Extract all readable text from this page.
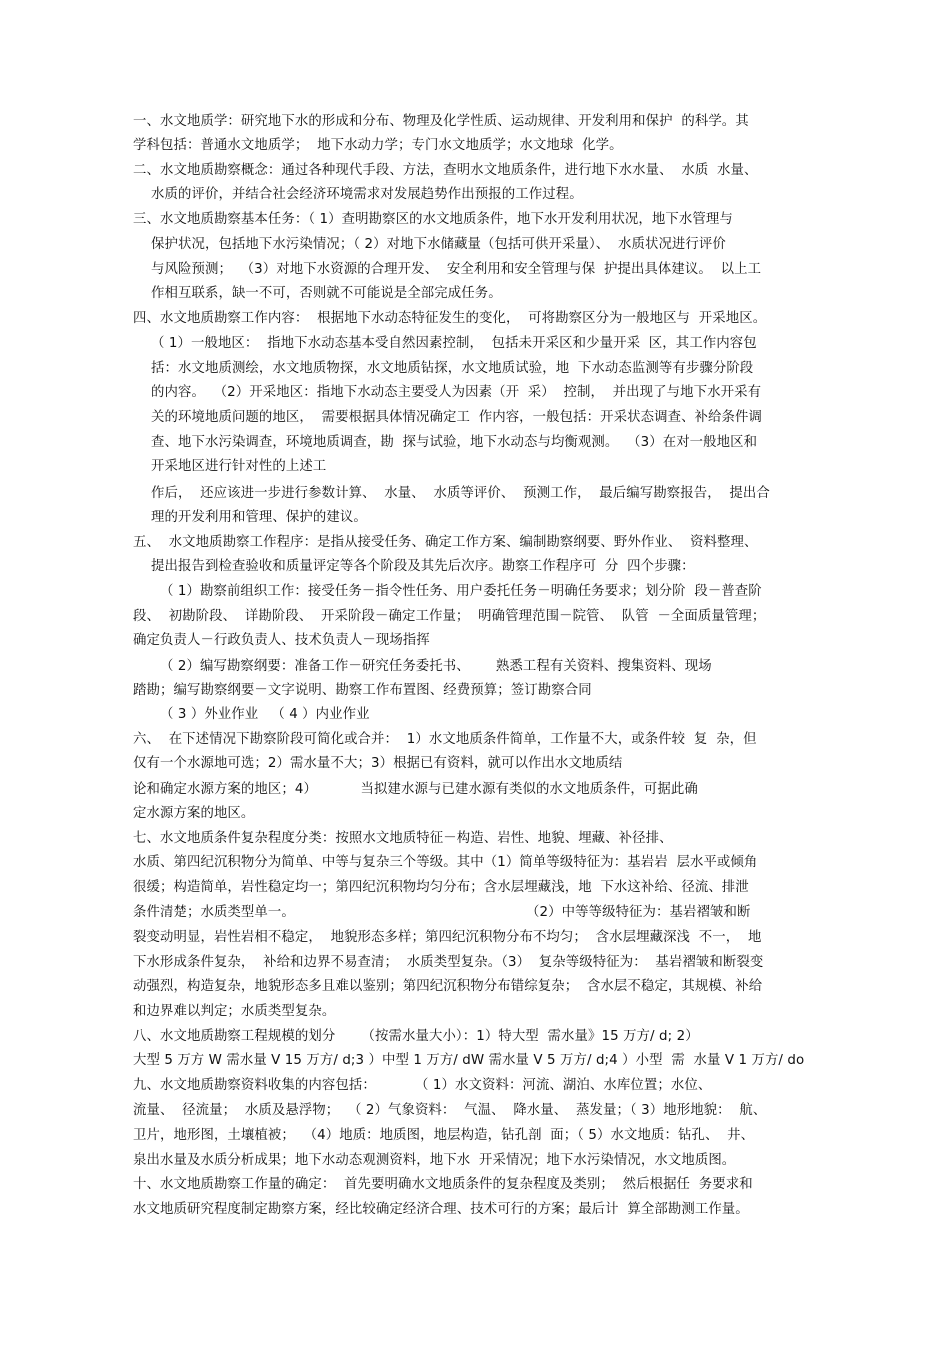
一、水文地质学：研究地下水的形成和分布、物理及化学性质、运动规律、开发利用和保护  的科学。其
学科包括：普通水文地质学；  地下水动力学；专门水文地质学；水文地球  化学。
二、水文地质勘察概念：通过各种现代手段、方法，查明水文地质条件，进行地下水水量、  水质  水量、
水质的评价，并结合社会经济环境需求对发展趋势作出预报的工作过程。
三、水文地质勘察基本任务：（ 1）查明勘察区的水文地质条件，地下水开发利用状况，地下水管理与
保护状况，包括地下水污染情况；（ 2）对地下水储藏量（包括可供开采量）、  水质状况进行评价
与风险预测；  （3）对地下水资源的合理开发、  安全利用和安全管理与保  护提出具体建议。  以上工
作相互联系，缺一不可，否则就不可能说是全部完成任务。
四、水文地质勘察工作内容：  根据地下水动态特征发生的变化，  可将勘察区分为一般地区与  开采地区。
（ 1）一般地区：  指地下水动态基本受自然因素控制，  包括未开采区和少量开采  区，其工作内容包
括：水文地质测绘，水文地质物探，水文地质钻探，水文地质试验，地  下水动态监测等有步骤分阶段
的内容。  （2）开采地区：指地下水动态主要受人为因素（开  采）  控制，  并出现了与地下水开采有
关的环境地质问题的地区，  需要根据具体情况确定工  作内容，一般包括：开采状态调查、补给条件调
查、地下水污染调查，环境地质调查，勘  探与试验，地下水动态与均衡观测。  （3）在对一般地区和
开采地区进行针对性的上述工
作后，  还应该进一步进行参数计算、  水量、  水质等评价、  预测工作，  最后编写勘察报告，  提出合
理的开发利用和管理、保护的建议。
五、  水文地质勘察工作程序：是指从接受任务、确定工作方案、编制勘察纲要、野外作业、  资料整理、
提出报告到检查验收和质量评定等各个阶段及其先后次序。勘察工作程序可  分  四个步骤：
（ 1）勘察前组织工作：接受任务－指令性任务、用户委托任务－明确任务要求；划分阶  段－普查阶
段、  初勘阶段、  详勘阶段、  开采阶段－确定工作量；  明确管理范围－院管、  队管  －全面质量管理；
确定负责人－行政负责人、技术负责人－现场指挥
（ 2）编写勘察纲要：准备工作－研究任务委托书、      熟悉工程有关资料、搜集资料、现场
踏勘；编写勘察纲要－文字说明、勘察工作布置图、经费预算；签订勘察合同
（ 3 ）外业作业   （ 4 ）内业作业
六、  在下述情况下勘察阶段可简化或合并：  1）水文地质条件简单，工作量不大，或条件较  复  杂，但
仅有一个水源地可选；2）需水量不大；3）根据已有资料，就可以作出水文地质结
论和确定水源方案的地区；4）          当拟建水源与已建水源有类似的水文地质条件，可据此确
定水源方案的地区。
七、水文地质条件复杂程度分类：按照水文地质特征－构造、岩性、地貌、埋藏、补径排、
水质、第四纪沉积物分为简单、中等与复杂三个等级。其中（1）简单等级特征为：基岩岩  层水平或倾角
很缓；构造简单，岩性稳定均一；第四纪沉积物均匀分布；含水层埋藏浅，地  下水这补给、径流、排泄
条件清楚；水质类型单一。	（2）中等等级特征为：基岩褶皱和断
裂变动明显，岩性岩相不稳定，  地貌形态多样；第四纪沉积物分布不均匀；  含水层埋藏深浅  不一，  地
下水形成条件复杂，  补给和边界不易查清；  水质类型复杂。（3）  复杂等级特征为：  基岩褶皱和断裂变
动强烈，构造复杂，地貌形态多且难以鉴别；第四纪沉积物分布错综复杂；  含水层不稳定，其规模、补给
和边界难以判定；水质类型复杂。
八、水文地质勘察工程规模的划分      （按需水量大小）：1）特大型  需水量》15 万方/ d; 2）
大型 5 万方 W 需水量 V 15 万方/ d;3 ）中型 1 万方/ dW 需水量 V 5 万方/ d;4 ）小型  需  水量 V 1 万方/ do
九、水文地质勘察资料收集的内容包括：         （ 1）水文资料：河流、湖泊、水库位置；水位、
流量、  径流量；  水质及悬浮物；  （ 2）气象资料：  气温、  降水量、  蒸发量；（ 3）地形地貌：  航、
卫片，地形图，土壤植被；  （4）地质：地质图，地层构造，钻孔剖  面；（ 5）水文地质：钻孔、  井、
泉出水量及水质分析成果；地下水动态观测资料，地下水  开采情况；地下水污染情况，水文地质图。
十、水文地质勘察工作量的确定：  首先要明确水文地质条件的复杂程度及类别；  然后根据任  务要求和
水文地质研究程度制定勘察方案，经比较确定经济合理、技术可行的方案；最后计  算全部勘测工作量。
